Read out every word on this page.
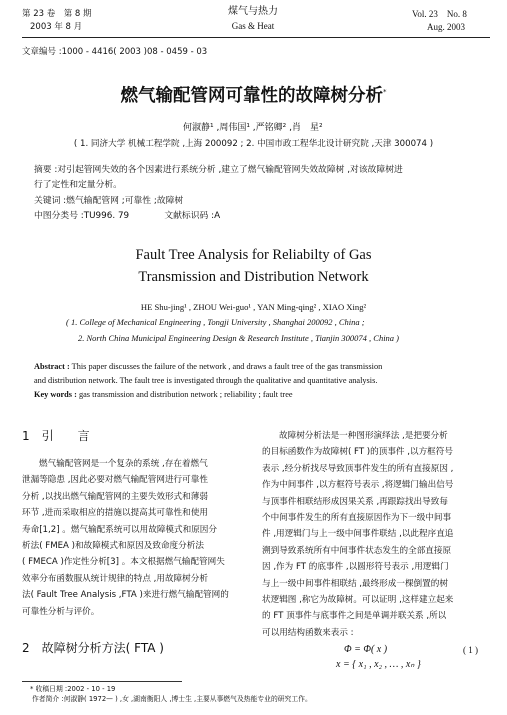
第 23 卷　第 8 期
2003 年 8 月
煤气与热力
Gas & Heat
Vol. 23　No. 8
Aug. 2003
文章编号 :1000 - 4416( 2003 )08 - 0459 - 03
燃气输配管网可靠性的故障树分析*
何淑静¹ ,周伟国¹ ,严铭卿² ,肖　星²
( 1. 同济大学 机械工程学院 ,上海 200092 ; 2. 中国市政工程华北设计研究院 ,天津 300074 )
摘要 :对引起管网失效的各个因素进行系统分析 ,建立了燃气输配管网失效故障树 ,对该故障树进
行了定性和定量分析。
关键词 :燃气输配管网 ;可靠性 ;故障树
中图分类号 :TU996. 79　　　　文献标识码 :A
Fault Tree Analysis for Reliabilty of Gas
Transmission and Distribution Network
HE Shu-jing¹ , ZHOU Wei-guo¹ , YAN Ming-qing² , XIAO Xing²
( 1. College of Mechanical Engineering , Tongji University , Shanghai 200092 , China ;
2. North China Municipal Engineering Design & Research Institute , Tianjin 300074 , China )
Abstract : This paper discusses the failure of the network , and draws a fault tree of the gas transmission
and distribution network. The fault tree is investigated through the qualitative and quantitative analysis.
Key words : gas transmission and distribution network ; reliability ; fault tree
1　引　　言
燃气输配管网是一个复杂的系统 ,存在着燃气
泄漏等隐患 ,因此必要对燃气输配管网进行可靠性
分析 ,以找出燃气输配管网的主要失效形式和薄弱
环节 ,进而采取相应的措施以提高其可靠性和使用
寿命[1,2] 。燃气输配系统可以用故障模式和原因分
析法( FMEA )和故障模式和原因及致命度分析法
( FMECA )作定性分析[3] 。本文根据燃气输配管网失
效率分布函数服从统计规律的特点 ,用故障树分析
法( Fault Tree Analysis ,FTA )来进行燃气输配管网的
可靠性分析与评价。
2　故障树分析方法( FTA )
故障树分析法是一种图形演绎法 ,是把要分析
的目标函数作为故障树( FT )的顶事件 ,以方框符号
表示 ,经分析找尽导致顶事件发生的所有直接原因 ,
作为中间事件 ,以方框符号表示 ,将逻辑门输出信号
与顶事件相联结形成因果关系 ,再跟踪找出导致每
个中间事件发生的所有直接原因作为下一级中间事
件 ,用逻辑门与上一级中间事件联结 ,以此程序直追
溯到导致系统所有中间事件状态发生的全部直接原
因 ,作为 FT 的底事件 ,以圆形符号表示 ,用逻辑门
与上一级中间事件相联结 ,最终形成一棵倒置的树
状逻辑图 ,称它为故障树。可以证明 ,这样建立起来
的 FT 顶事件与底事件之间是单调并联关系 ,所以
可以用结构函数来表示 :
Φ = Φ( x )	( 1 )
x = { x₁ , x₂ , … , xₙ }
* 收稿日期 :2002 - 10 - 19
作者简介 :何淑静( 1972— ) ,女 ,湖南衡阳人 ,博士生 ,主要从事燃气及热能专业的研究工作。
